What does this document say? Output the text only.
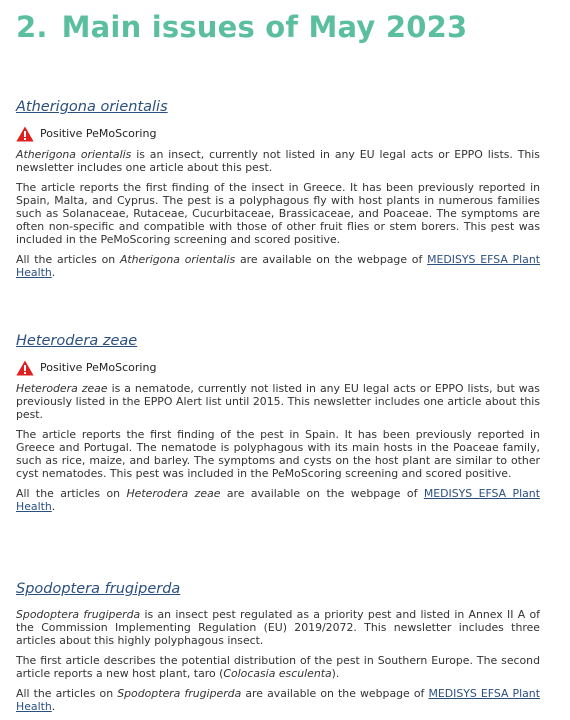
2. Main issues of May 2023
Atherigona orientalis
Positive PeMoScoring

Atherigona orientalis is an insect, currently not listed in any EU legal acts or EPPO lists. This newsletter includes one article about this pest.

The article reports the first finding of the insect in Greece. It has been previously reported in Spain, Malta, and Cyprus. The pest is a polyphagous fly with host plants in numerous families such as Solanaceae, Rutaceae, Cucurbitaceae, Brassicaceae, and Poaceae. The symptoms are often non-specific and compatible with those of other fruit flies or stem borers. This pest was included in the PeMoScoring screening and scored positive.

All the articles on Atherigona orientalis are available on the webpage of MEDISYS EFSA Plant Health.

Heterodera zeae
Positive PeMoScoring

Heterodera zeae is a nematode, currently not listed in any EU legal acts or EPPO lists, but was previously listed in the EPPO Alert list until 2015. This newsletter includes one article about this pest.

The article reports the first finding of the pest in Spain. It has been previously reported in Greece and Portugal. The nematode is polyphagous with its main hosts in the Poaceae family, such as rice, maize, and barley. The symptoms and cysts on the host plant are similar to other cyst nematodes. This pest was included in the PeMoScoring screening and scored positive.

All the articles on Heterodera zeae are available on the webpage of MEDISYS EFSA Plant Health.

Spodoptera frugiperda

Spodoptera frugiperda is an insect pest regulated as a priority pest and listed in Annex II A of the Commission Implementing Regulation (EU) 2019/2072. This newsletter includes three articles about this highly polyphagous insect.

The first article describes the potential distribution of the pest in Southern Europe. The second article reports a new host plant, taro (Colocasia esculenta).

All the articles on Spodoptera frugiperda are available on the webpage of MEDISYS EFSA Plant Health.
